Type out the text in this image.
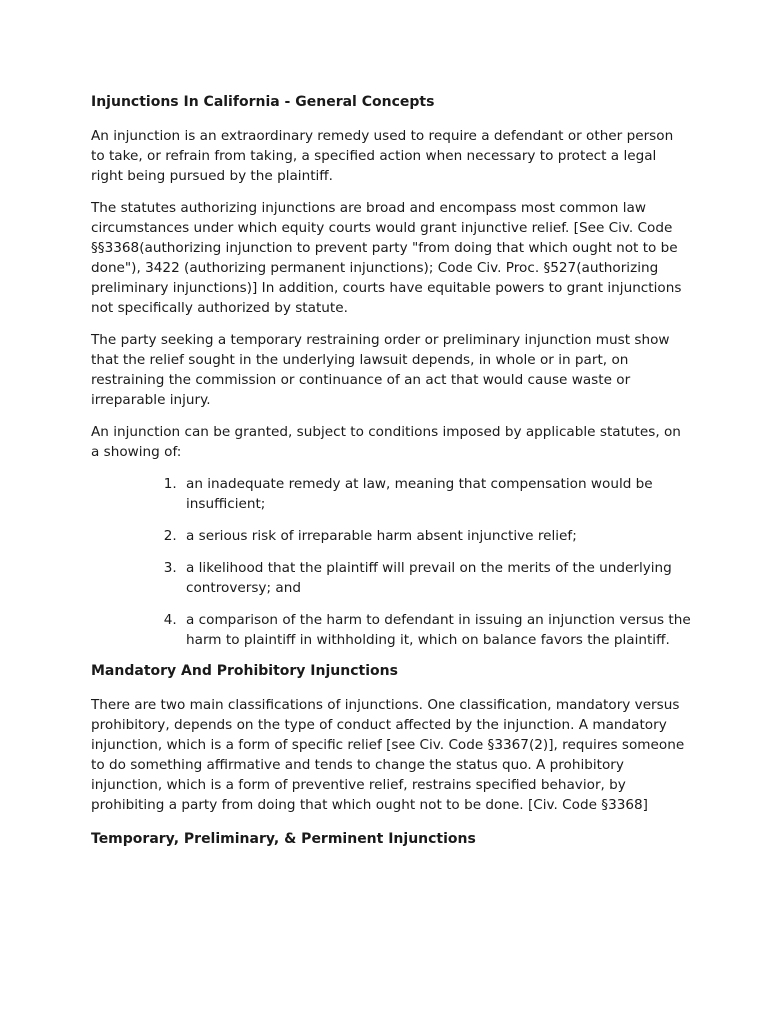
Injunctions In California - General Concepts

An injunction is an extraordinary remedy used to require a defendant or other person to take, or refrain from taking, a specified action when necessary to protect a legal right being pursued by the plaintiff.

The statutes authorizing injunctions are broad and encompass most common law circumstances under which equity courts would grant injunctive relief. [See Civ. Code §§3368(authorizing injunction to prevent party "from doing that which ought not to be done"), 3422 (authorizing permanent injunctions); Code Civ. Proc. §527(authorizing preliminary injunctions)] In addition, courts have equitable powers to grant injunctions not specifically authorized by statute.

The party seeking a temporary restraining order or preliminary injunction must show that the relief sought in the underlying lawsuit depends, in whole or in part, on restraining the commission or continuance of an act that would cause waste or irreparable injury.

An injunction can be granted, subject to conditions imposed by applicable statutes, on a showing of:

1. an inadequate remedy at law, meaning that compensation would be insufficient;
2. a serious risk of irreparable harm absent injunctive relief;
3. a likelihood that the plaintiff will prevail on the merits of the underlying controversy; and
4. a comparison of the harm to defendant in issuing an injunction versus the harm to plaintiff in withholding it, which on balance favors the plaintiff.
Mandatory And Prohibitory Injunctions

There are two main classifications of injunctions. One classification, mandatory versus prohibitory, depends on the type of conduct affected by the injunction. A mandatory injunction, which is a form of specific relief [see Civ. Code §3367(2)], requires someone to do something affirmative and tends to change the status quo. A prohibitory injunction, which is a form of preventive relief, restrains specified behavior, by prohibiting a party from doing that which ought not to be done. [Civ. Code §3368]

Temporary, Preliminary, & Perminent Injunctions
